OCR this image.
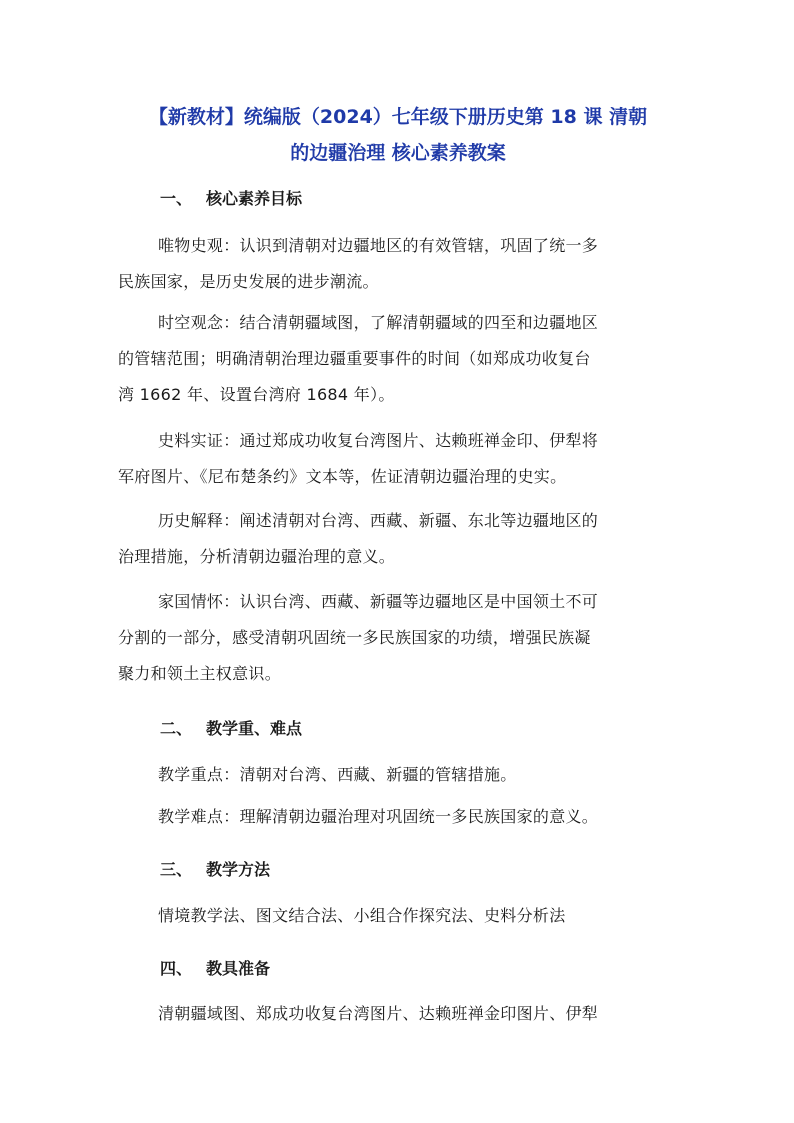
【新教材】统编版（2024）七年级下册历史第 18 课 清朝
的边疆治理 核心素养教案
一、 核心素养目标
唯物史观：认识到清朝对边疆地区的有效管辖，巩固了统一多
民族国家，是历史发展的进步潮流。
时空观念：结合清朝疆域图，了解清朝疆域的四至和边疆地区
的管辖范围；明确清朝治理边疆重要事件的时间（如郑成功收复台
湾 1662 年、设置台湾府 1684 年）。
史料实证：通过郑成功收复台湾图片、达赖班禅金印、伊犁将
军府图片、《尼布楚条约》文本等，佐证清朝边疆治理的史实。
历史解释：阐述清朝对台湾、西藏、新疆、东北等边疆地区的
治理措施，分析清朝边疆治理的意义。
家国情怀：认识台湾、西藏、新疆等边疆地区是中国领土不可
分割的一部分，感受清朝巩固统一多民族国家的功绩，增强民族凝
聚力和领土主权意识。
二、 教学重、难点
教学重点：清朝对台湾、西藏、新疆的管辖措施。
教学难点：理解清朝边疆治理对巩固统一多民族国家的意义。
三、 教学方法
情境教学法、图文结合法、小组合作探究法、史料分析法
四、 教具准备
清朝疆域图、郑成功收复台湾图片、达赖班禅金印图片、伊犁
